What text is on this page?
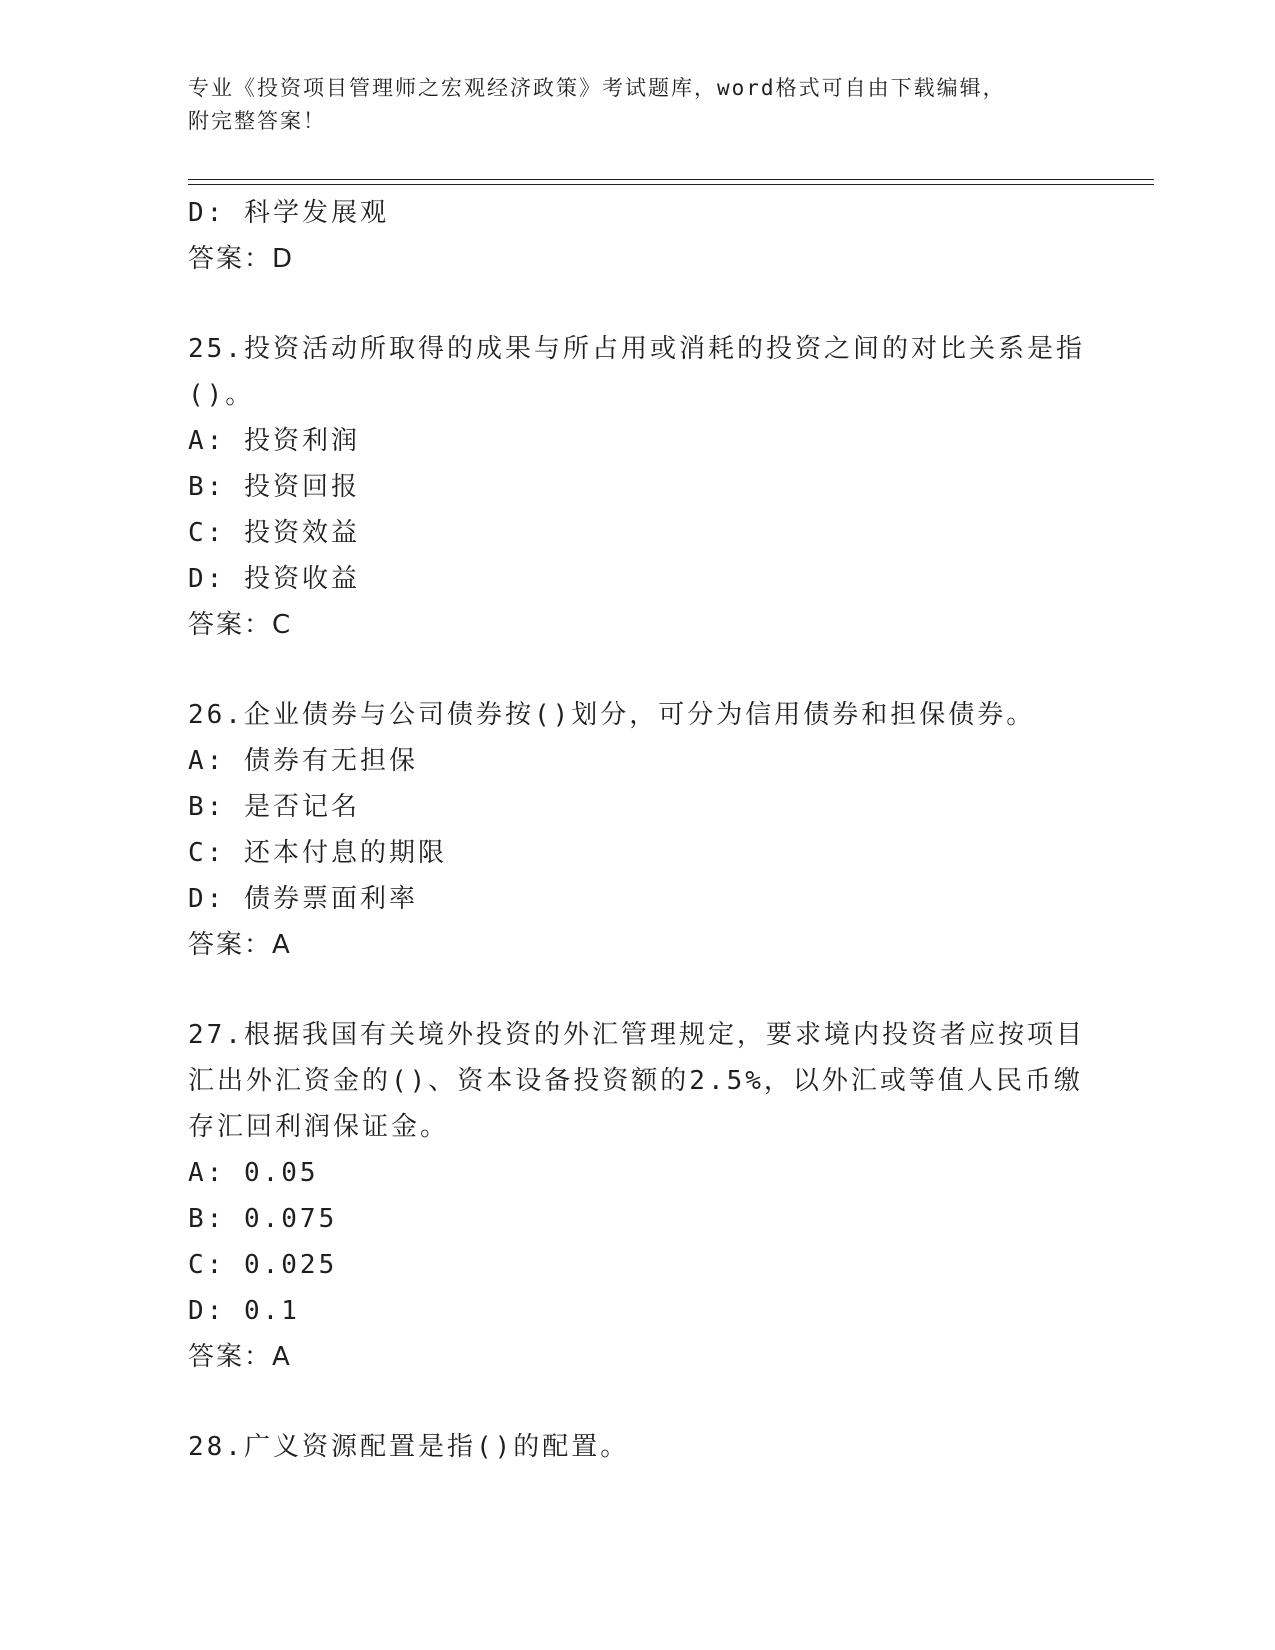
专业《投资项目管理师之宏观经济政策》考试题库，word格式可自由下载编辑，
附完整答案！
D: 科学发展观
答案：D
25.投资活动所取得的成果与所占用或消耗的投资之间的对比关系是指
()。
A: 投资利润
B: 投资回报
C: 投资效益
D: 投资收益
答案：C
26.企业债券与公司债券按()划分，可分为信用债券和担保债券。
A: 债券有无担保
B: 是否记名
C: 还本付息的期限
D: 债券票面利率
答案：A
27.根据我国有关境外投资的外汇管理规定，要求境内投资者应按项目
汇出外汇资金的()、资本设备投资额的2.5%，以外汇或等值人民币缴
存汇回利润保证金。
A: 0.05
B: 0.075
C: 0.025
D: 0.1
答案：A
28.广义资源配置是指()的配置。
